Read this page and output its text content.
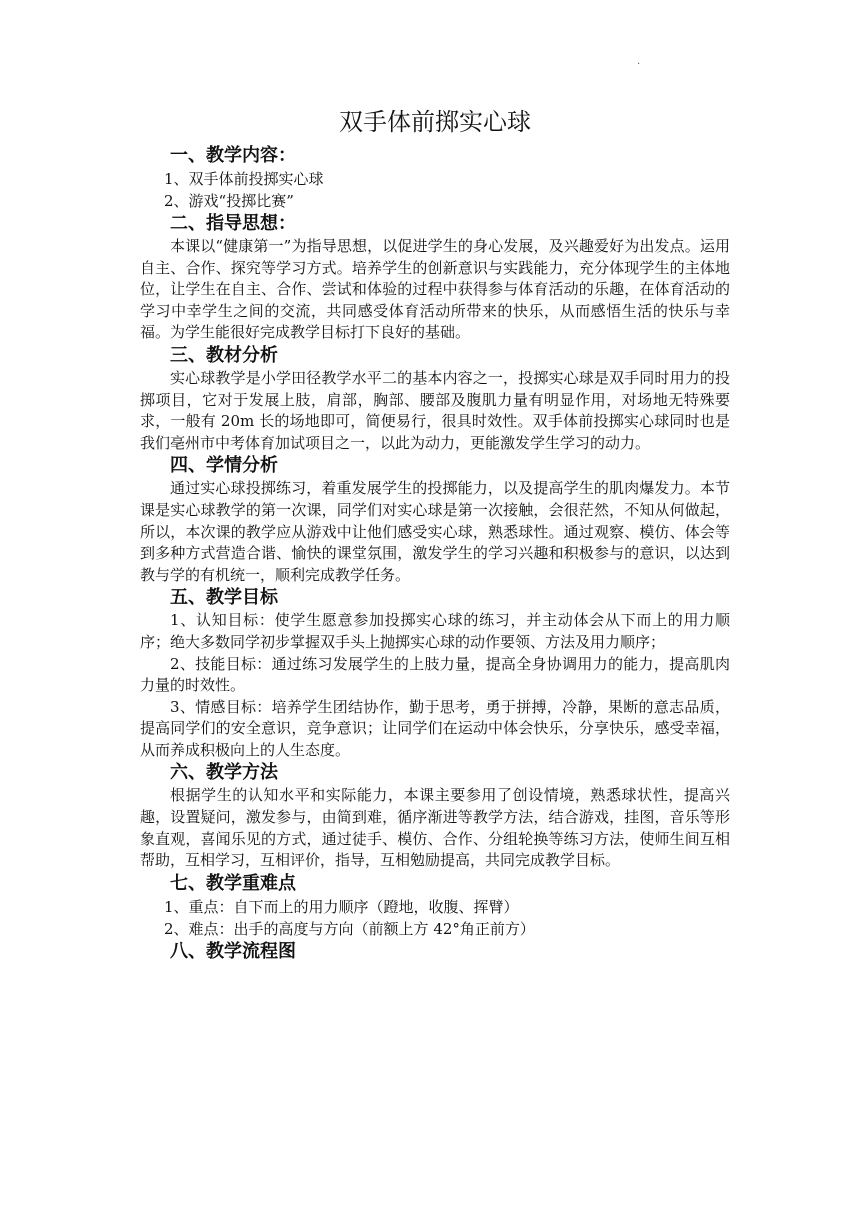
.
双手体前掷实心球
一、教学内容：

1、双手体前投掷实心球

2、游戏“投掷比赛”

二、指导思想：

本课以“健康第一”为指导思想，以促进学生的身心发展，及兴趣爱好为出发点。运用自主、合作、探究等学习方式。培养学生的创新意识与实践能力，充分体现学生的主体地位，让学生在自主、合作、尝试和体验的过程中获得参与体育活动的乐趣，在体育活动的学习中幸学生之间的交流，共同感受体育活动所带来的快乐，从而感悟生活的快乐与幸福。为学生能很好完成教学目标打下良好的基础。

三、教材分析

实心球教学是小学田径教学水平二的基本内容之一，投掷实心球是双手同时用力的投掷项目，它对于发展上肢，肩部，胸部、腰部及腹肌力量有明显作用，对场地无特殊要求，一般有 20m 长的场地即可，简便易行，很具时效性。双手体前投掷实心球同时也是我们亳州市中考体育加试项目之一，以此为动力，更能激发学生学习的动力。

四、学情分析

通过实心球投掷练习，着重发展学生的投掷能力，以及提高学生的肌肉爆发力。本节课是实心球教学的第一次课，同学们对实心球是第一次接触，会很茫然，不知从何做起，所以，本次课的教学应从游戏中让他们感受实心球，熟悉球性。通过观察、模仿、体会等到多种方式营造合谐、愉快的课堂氛围，激发学生的学习兴趣和积极参与的意识，以达到教与学的有机统一，顺利完成教学任务。

五、教学目标

1、认知目标：使学生愿意参加投掷实心球的练习，并主动体会从下而上的用力顺序；绝大多数同学初步掌握双手头上抛掷实心球的动作要领、方法及用力顺序；

2、技能目标：通过练习发展学生的上肢力量，提高全身协调用力的能力，提高肌肉力量的时效性。

3、情感目标：培养学生团结协作，勤于思考，勇于拼搏，冷静，果断的意志品质，提高同学们的安全意识，竞争意识；让同学们在运动中体会快乐，分享快乐，感受幸福，从而养成积极向上的人生态度。

六、教学方法

根据学生的认知水平和实际能力，本课主要参用了创设情境，熟悉球状性，提高兴趣，设置疑问，激发参与，由简到难，循序渐进等教学方法，结合游戏，挂图，音乐等形象直观，喜闻乐见的方式，通过徒手、模仿、合作、分组轮换等练习方法，使师生间互相帮助，互相学习，互相评价，指导，互相勉励提高，共同完成教学目标。

七、教学重难点

1、重点：自下而上的用力顺序（蹬地，收腹、挥臂）

2、难点：出手的高度与方向（前额上方 42°角正前方）

八、教学流程图
